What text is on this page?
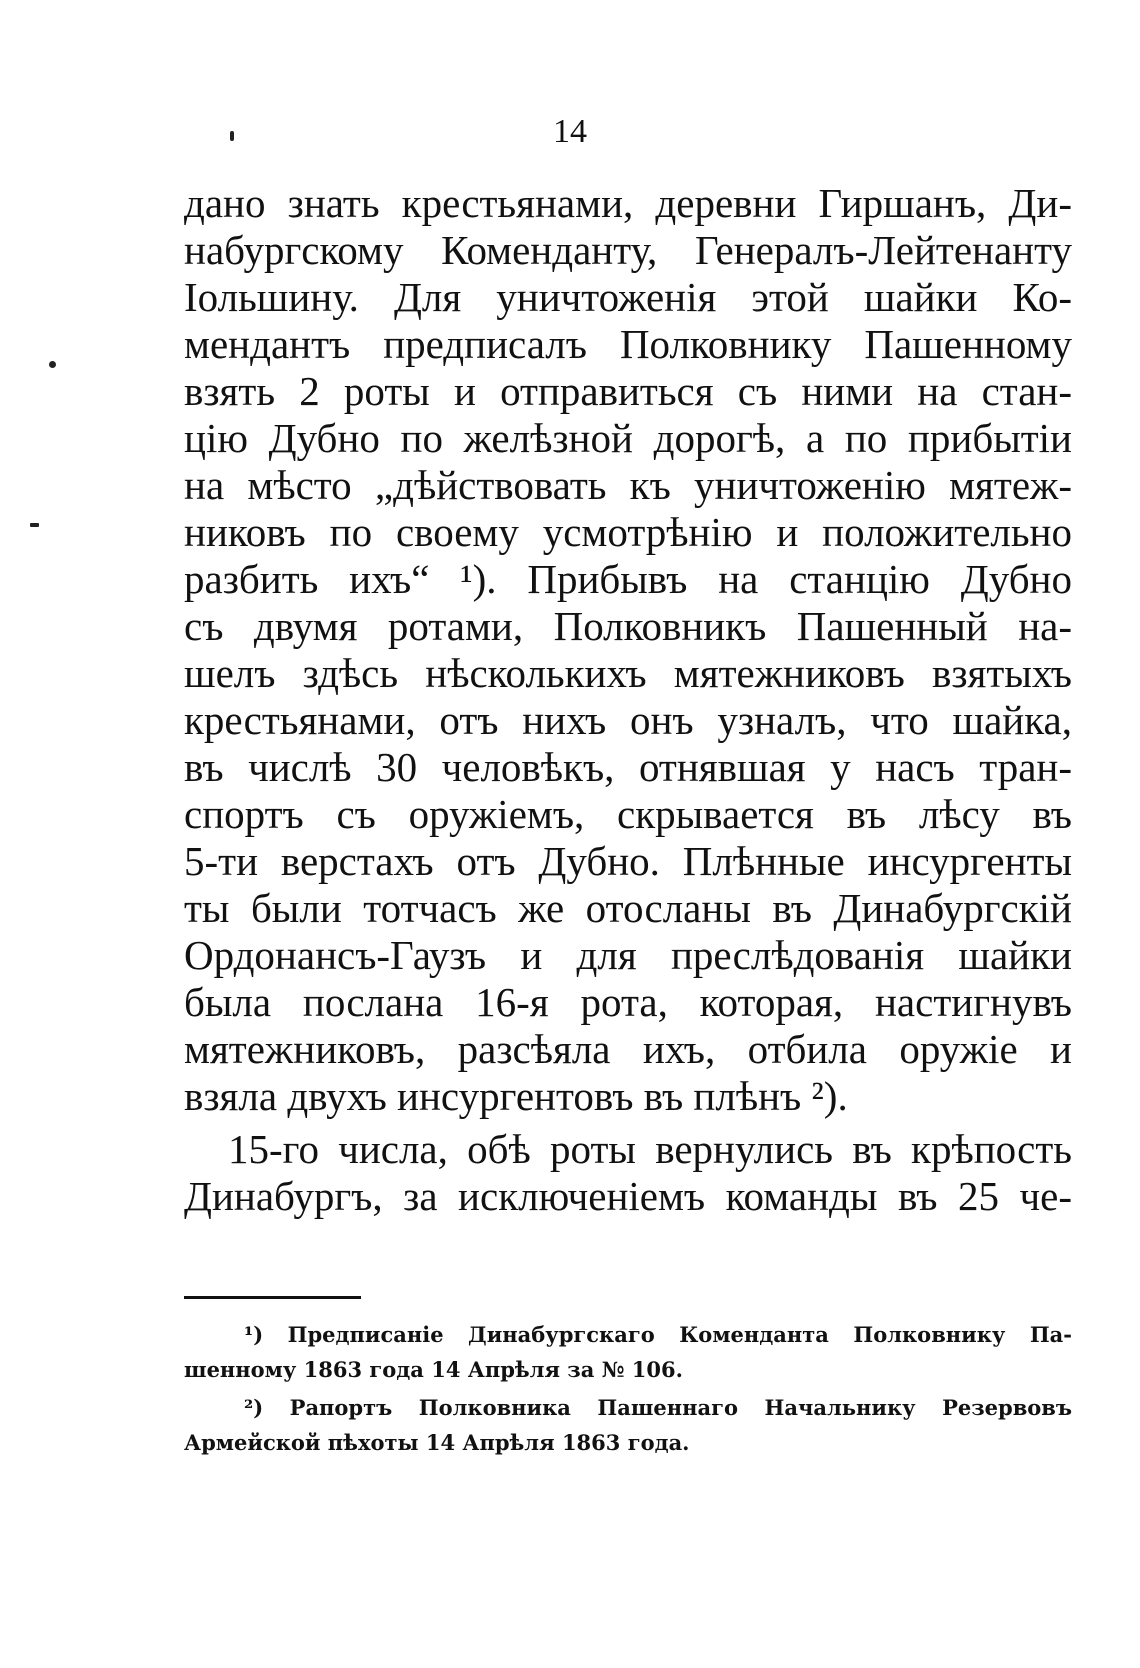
14
дано знать крестьянами, деревни Гиршанъ, Ди-
набургскому Коменданту, Генералъ-Лейтенанту
Іольшину. Для уничтоженія этой шайки Ко-
мендантъ предписалъ Полковнику Пашенному
взять 2 роты и отправиться съ ними на стан-
цію Дубно по желѣзной дорогѣ, а по прибытіи
на мѣсто „дѣйствовать къ уничтоженію мятеж-
никовъ по своему усмотрѣнію и положительно
разбить ихъ“ ¹). Прибывъ на станцію Дубно
съ двумя ротами, Полковникъ Пашенный на-
шелъ здѣсь нѣсколькихъ мятежниковъ взятыхъ
крестьянами, отъ нихъ онъ узналъ, что шайка,
въ числѣ 30 человѣкъ, отнявшая у насъ тран-
спортъ съ оружіемъ, скрывается въ лѣсу въ
5-ти верстахъ отъ Дубно. Плѣнные инсургенты
ты были тотчасъ же отосланы въ Динабургскій
Ордонансъ-Гаузъ и для преслѣдованія шайки
была послана 16-я рота, которая, настигнувъ
мятежниковъ, разсѣяла ихъ, отбила оружіе и
взяла двухъ инсургентовъ въ плѣнъ ²).
15-го числа, обѣ роты вернулись въ крѣпость
Динабургъ, за исключеніемъ команды въ 25 че-
¹) Предписаніе Динабургскаго Коменданта Полковнику Па-
шенному 1863 года 14 Апрѣля за № 106.
²) Рапортъ Полковника Пашеннаго Начальнику Резервовъ
Армейской пѣхоты 14 Апрѣля 1863 года.
